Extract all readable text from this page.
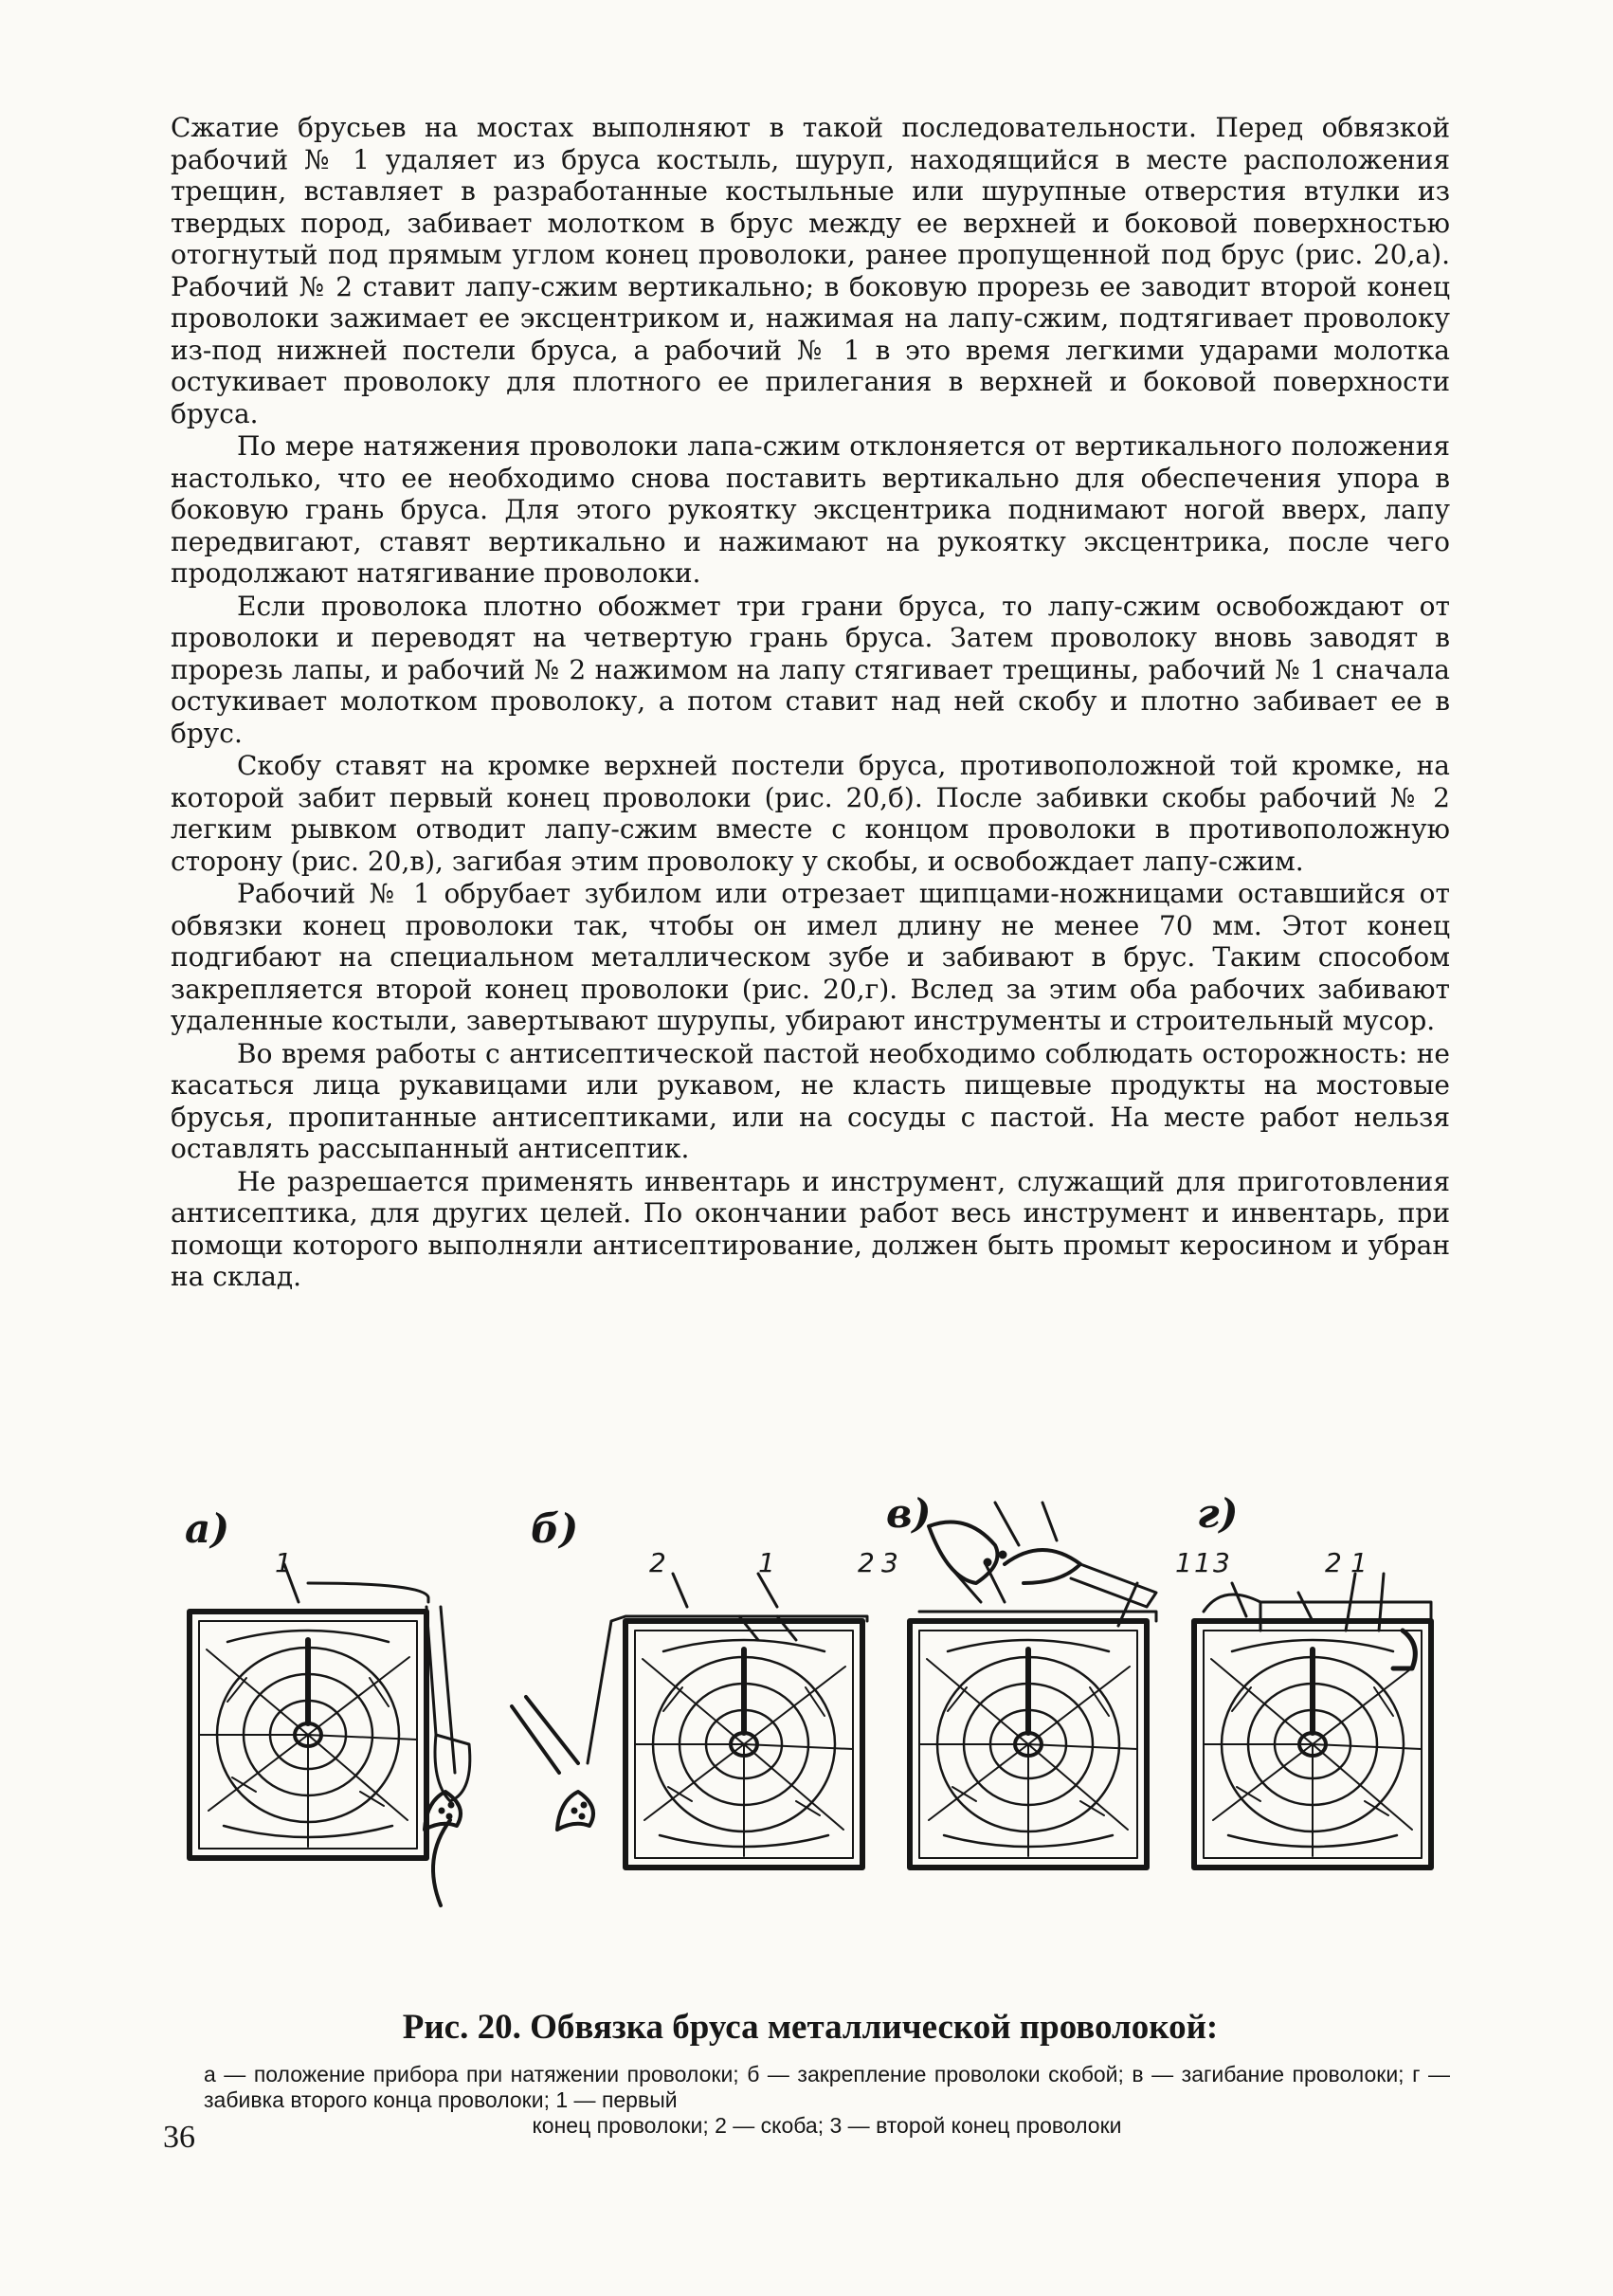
Сжатие брусьев на мостах выполняют в такой последовательности. Перед обвязкой рабочий № 1 удаляет из бруса костыль, шуруп, находящийся в месте расположения трещин, вставляет в разработанные костыльные или шурупные отверстия втулки из твердых пород, забивает молотком в брус между ее верхней и боковой поверхностью отогнутый под прямым углом конец проволоки, ранее пропущенной под брус (рис. 20,а). Рабочий № 2 ставит лапу-сжим вертикально; в боковую прорезь ее заводит второй конец проволоки зажимает ее эксцентриком и, нажимая на лапу-сжим, подтягивает проволоку из-под нижней постели бруса, а рабочий № 1 в это время легкими ударами молотка остукивает проволоку для плотного ее прилегания в верхней и боковой поверхности бруса.

По мере натяжения проволоки лапа-сжим отклоняется от вертикального положения настолько, что ее необходимо снова поставить вертикально для обеспечения упора в боковую грань бруса. Для этого рукоятку эксцентрика поднимают ногой вверх, лапу передвигают, ставят вертикально и нажимают на рукоятку эксцентрика, после чего продолжают натягивание проволоки.

Если проволока плотно обожмет три грани бруса, то лапу-сжим освобождают от проволоки и переводят на четвертую грань бруса. Затем проволоку вновь заводят в прорезь лапы, и рабочий № 2 нажимом на лапу стягивает трещины, рабочий № 1 сначала остукивает молотком проволоку, а потом ставит над ней скобу и плотно забивает ее в брус.

Скобу ставят на кромке верхней постели бруса, противоположной той кромке, на которой забит первый конец проволоки (рис. 20,б). После забивки скобы рабочий № 2 легким рывком отводит лапу-сжим вместе с концом проволоки в противоположную сторону (рис. 20,в), загибая этим проволоку у скобы, и освобождает лапу-сжим.

Рабочий № 1 обрубает зубилом или отрезает щипцами-ножницами оставшийся от обвязки конец проволоки так, чтобы он имел длину не менее 70 мм. Этот конец подгибают на специальном металлическом зубе и забивают в брус. Таким способом закрепляется второй конец проволоки (рис. 20,г). Вслед за этим оба рабочих забивают удаленные костыли, завертывают шурупы, убирают инструменты и строительный мусор.

Во время работы с антисептической пастой необходимо соблюдать осторожность: не касаться лица рукавицами или рукавом, не класть пищевые продукты на мостовые брусья, пропитанные антисептиками, или на сосуды с пастой. На месте работ нельзя оставлять рассыпанный антисептик.

Не разрешается применять инвентарь и инструмент, служащий для приготовления антисептика, для других целей. По окончании работ весь инструмент и инвентарь, при помощи которого выполняли антисептирование, должен быть промыт керосином и убран на склад.

а)	б)	в)	г)
1	2	1	2 3	1 1 3	2 1
Рис. 20. Обвязка бруса металлической проволокой:
а — положение прибора при натяжении проволоки; б — закрепление проволоки скобой; в — загибание проволоки; г — забивка второго конца проволоки; 1 — первый
конец проволоки; 2 — скоба; 3 — второй конец проволоки
36
